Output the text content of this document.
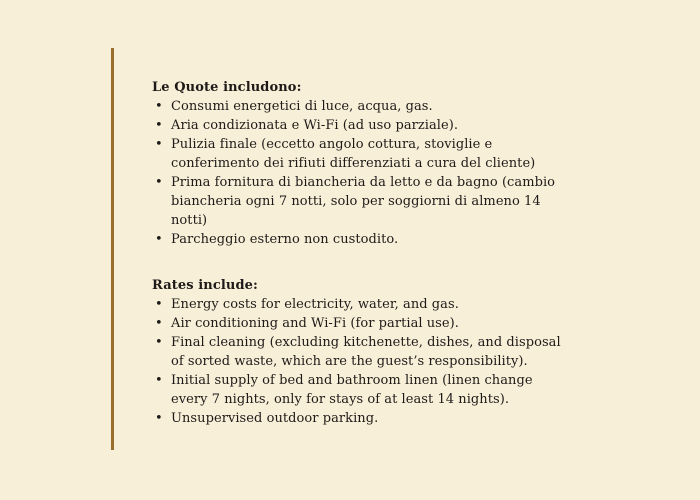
Le Quote includono:
• Consumi energetici di luce, acqua, gas.
• Aria condizionata e Wi-Fi (ad uso parziale).
• Pulizia finale (eccetto angolo cottura, stoviglie e conferimento dei rifiuti differenziati a cura del cliente)
• Prima fornitura di biancheria da letto e da bagno (cambio biancheria ogni 7 notti, solo per soggiorni di almeno 14 notti)
• Parcheggio esterno non custodito.
Rates include:
• Energy costs for electricity, water, and gas.
• Air conditioning and Wi-Fi (for partial use).
• Final cleaning (excluding kitchenette, dishes, and disposal of sorted waste, which are the guest’s responsibility).
• Initial supply of bed and bathroom linen (linen change every 7 nights, only for stays of at least 14 nights).
• Unsupervised outdoor parking.
